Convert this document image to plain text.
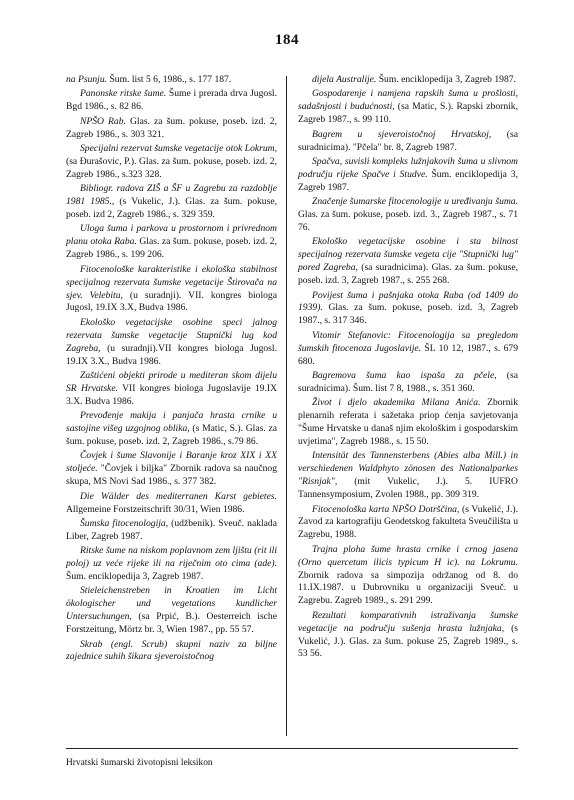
184

na Psunju. Šum. list 5 6, 1986., s. 177 187.

Panonske ritske šume. Šume i prerada drva Jugosl. Bgd 1986., s. 82 86.

NPŠO Rab. Glas. za šum. pokuse, poseb. izd. 2, Zagreb 1986., s. 303 321.

Specijalni rezervat šumske vegetacije otok Lokrum, (sa Đurašovic, P.). Glas. za šum. pokuse, poseb. izd. 2, Zagreb 1986., s.323 328.

Bibliogr. radova ZIŠ a ŠF u Zagrebu za razdoblje 1981 1985., (s Vukelic, J.). Glas. za šum. pokuse, poseb. izd 2, Zagreb 1986., s. 329 359.

Uloga šuma i parkova u prostornom i privrednom planu otoka Raba. Glas. za šum. pokuse, poseb. izd. 2, Zagreb 1986., s. 199 206.

Fitocenološke karakteristike i ekološka stabilnost specijalnog rezervata šumske vegetacije Štirovača na sjev. Velebitu, (u suradnji). VII. kongres biologa Jugosl, 19.IX 3.X, Budva 1986.

Ekološko vegetacijske osobine speci jalnog rezervata šumske vegetacije Stupnički lug kod Zagreba, (u suradnji).VII kongres biologa Jugosl. 19.IX 3.X., Budva 1986.

Zaštićeni objekti prirode u mediteran skom dijelu SR Hrvatske. VII kongres biologa Jugoslavije 19.IX 3.X. Budva 1986.

Prevođenje makija i panjača hrasta crnike u sastojine višeg uzgojnog oblika, (s Matic, S.). Glas. za šum. pokuse, poseb. izd. 2, Zagreb 1986., s.79 86.

Čovjek i šume Slavonije i Baranje kroz XIX i XX stoljeće. "Čovjek i biljka" Zbornik radova sa naučnog skupa, MS Novi Sad 1986., s. 377 382.

Die Wälder des mediterranen Karst gebietes. Allgemeine Forstzeitschrift 30/31, Wien 1986.

Šumska fitocenologija, (udžbenik). Sveuč. naklada Liber, Zagreb 1987.

Ritske šume na niskom poplavnom zem ljištu (rit ili poloj) uz veće rijeke ili na riječnim oto cima (ade). Šum. enciklopedija 3, Zagreb 1987.

Stieleichenstreben in Kroatien im Licht ökologischer und vegetations kundlicher Untersuchungen, (sa Prpić, B.). Oesterreich ische Forstzeitung, Mörtz br. 3, Wien 1987., pp. 55 57.

Skrab (engl. Scrub) skupni naziv za biljne zajednice suhih šikara sjeveroistočnog

dijela Australije. Šum. enciklopedija 3, Zagreb 1987.

Gospodarenje i namjena rapskih šuma u prošlosti, sadašnjosti i budućnosti, (sa Matic, S.). Rapski zbornik, Zagreb 1987., s. 99 110.

Bagrem u sjeveroistočnoj Hrvatskoj, (sa suradnicima). "Pčela" br. 8, Zagreb 1987.

Spačva, suvisli kompleks lužnjakovih šuma u slivnom području rijeke Spačve i Studve. Šum. enciklopedija 3, Zagreb 1987.

Značenje šumarske fitocenologije u uređivanju šuma. Glas. za šum. pokuse, poseb. izd. 3., Zagreb 1987., s. 71 76.

Ekološko vegetacijske osobine i sta bilnost specijalnog rezervata šumske vegeta cije "Stupnički lug" pored Zagreba, (sa suradnicima). Glas. za šum. pokuse, poseb. izd. 3, Zagreb 1987., s. 255 268.

Povijest šuma i pašnjaka otoka Raba (od 1409 do 1939). Glas. za šum. pokuse, poseb. izd. 3, Zagreb 1987., s. 317 346.

Vitomir Stefanovic: Fitocenologija sa pregledom šumskih fitocenoza Jugoslavije. ŠL 10 12, 1987., s. 679 680.

Bagremova šuma kao ispaša za pčele, (sa suradnicima). Šum. list 7 8, 1988., s. 351 360.

Život i djelo akademika Milana Anića. Zbornik plenarnih referata i sažetaka priop ćenja savjetovanja "Šume Hrvatske u današ njim ekološkim i gospodarskim uvjetima", Zagreb 1988., s. 15 50.

Intensität des Tannensterbens (Abies alba Mill.) in verschiedenen Waldphyto zönosen des Nationalparkes "Risnjak", (mit Vukelic, J.). 5. IUFRO Tannensymposium, Zvolen 1988., pp. 309 319.

Fitocenološka karta NPŠO Dotrščina, (s Vukelić, J.). Zavod za kartografiju Geodetskog fakulteta Sveučilišta u Zagrebu, 1988.

Trajna ploha šume hrasta crnike i crnog jasena (Orno quercetum ilicis typicum H ic). na Lokrumu. Zbornik radova sa simpozija održanog od 8. do 11.IX.1987. u Dubrovniku u organizaciji Sveuč. u Zagrebu. Zagreb 1989., s. 291 299.

Rezultati komparativnih istraživanja šumske vegetacije na području sušenja hrasta lužnjaka, (s Vukelić, J.). Glas. za šum. pokuse 25, Zagreb 1989., s. 53 56.

Hrvatski šumarski životopisni leksikon
